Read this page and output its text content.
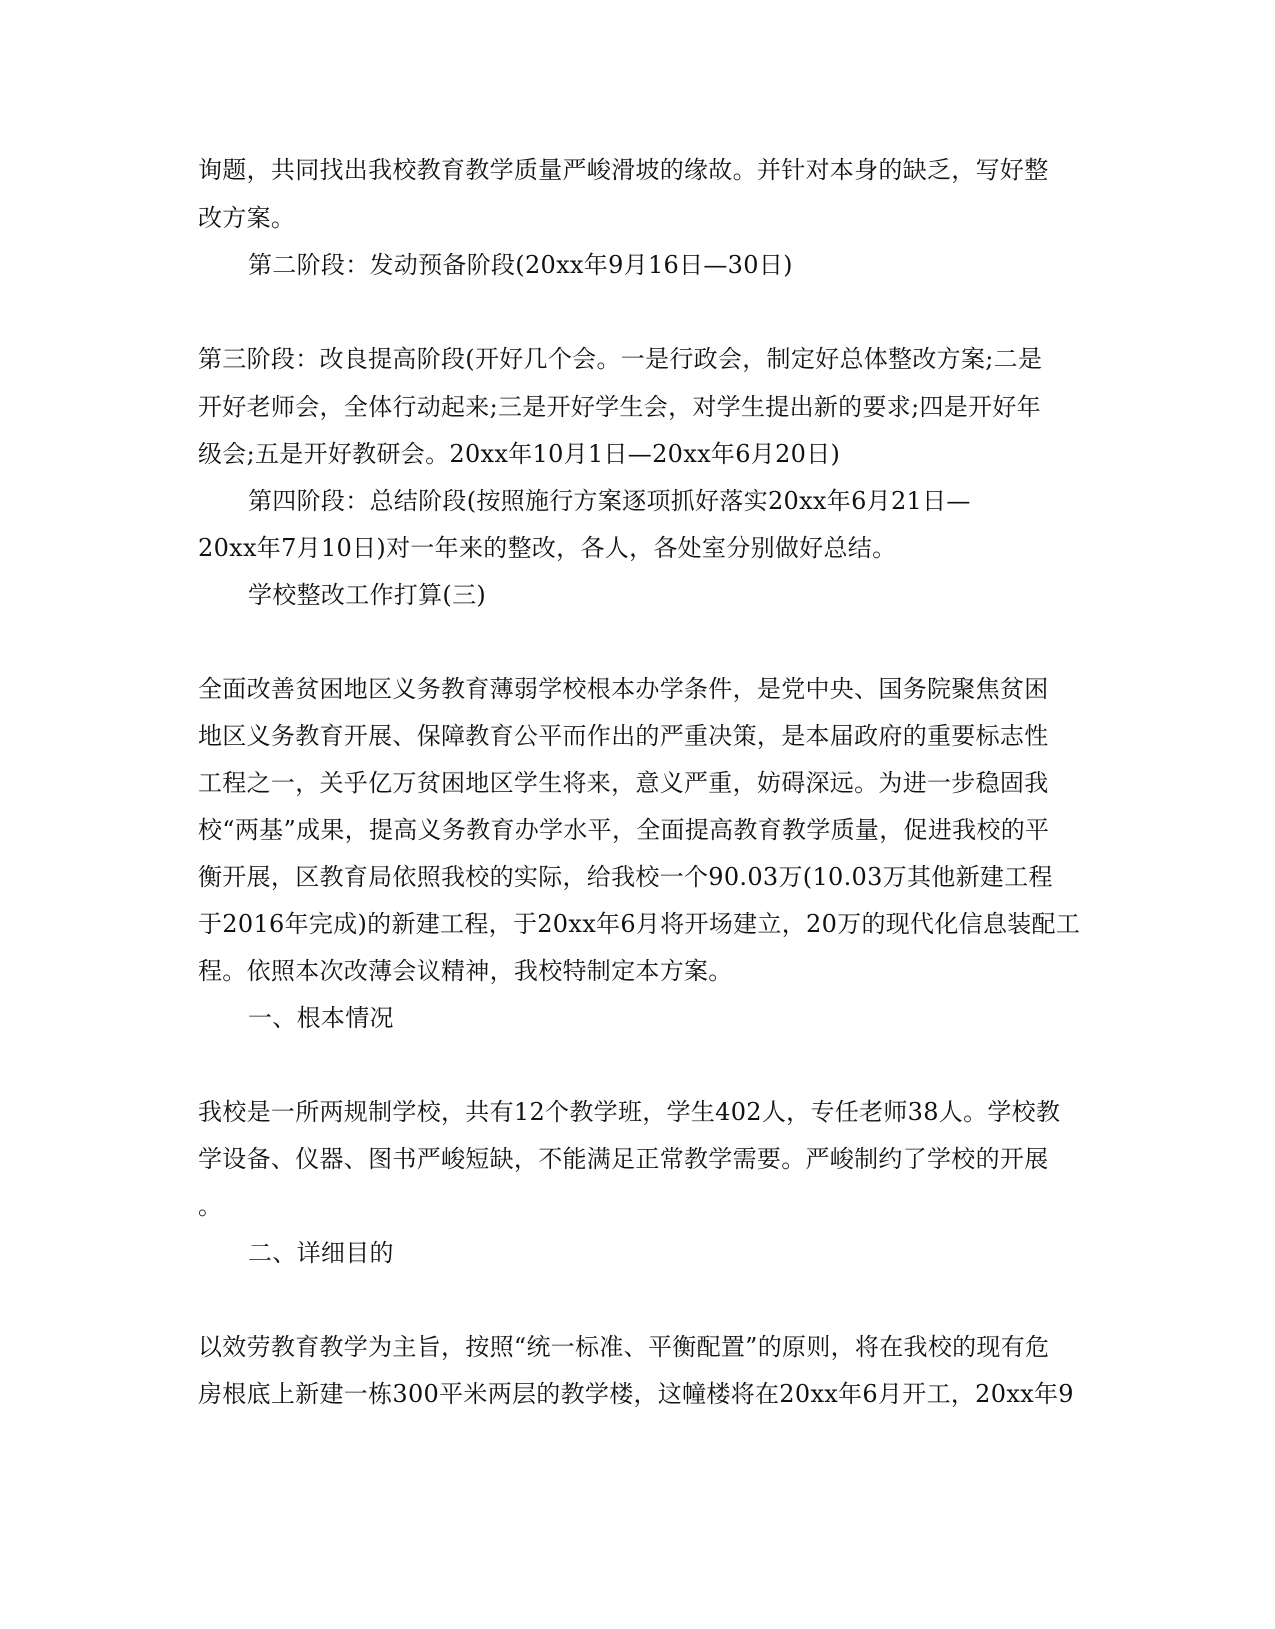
询题，共同找出我校教育教学质量严峻滑坡的缘故。并针对本身的缺乏，写好整
改方案。
第二阶段：发动预备阶段(20xx年9月16日—30日)
第三阶段：改良提高阶段(开好几个会。一是行政会，制定好总体整改方案;二是
开好老师会，全体行动起来;三是开好学生会，对学生提出新的要求;四是开好年
级会;五是开好教研会。20xx年10月1日—20xx年6月20日)
第四阶段：总结阶段(按照施行方案逐项抓好落实20xx年6月21日—
20xx年7月10日)对一年来的整改，各人，各处室分别做好总结。
学校整改工作打算(三)
全面改善贫困地区义务教育薄弱学校根本办学条件，是党中央、国务院聚焦贫困
地区义务教育开展、保障教育公平而作出的严重决策，是本届政府的重要标志性
工程之一，关乎亿万贫困地区学生将来，意义严重，妨碍深远。为进一步稳固我
校“两基”成果，提高义务教育办学水平，全面提高教育教学质量，促进我校的平
衡开展，区教育局依照我校的实际，给我校一个90.03万(10.03万其他新建工程
于2016年完成)的新建工程，于20xx年6月将开场建立，20万的现代化信息装配工
程。依照本次改薄会议精神，我校特制定本方案。
一、根本情况
我校是一所两规制学校，共有12个教学班，学生402人，专任老师38人。学校教
学设备、仪器、图书严峻短缺，不能满足正常教学需要。严峻制约了学校的开展
。
二、详细目的
以效劳教育教学为主旨，按照“统一标准、平衡配置”的原则，将在我校的现有危
房根底上新建一栋300平米两层的教学楼，这幢楼将在20xx年6月开工，20xx年9
